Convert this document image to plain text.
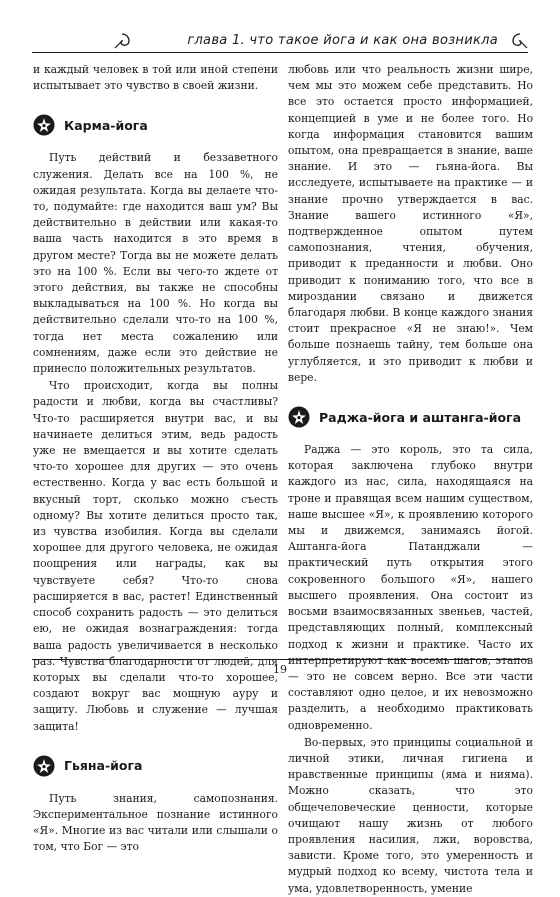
глава 1. что такое йога и как она возникла

и каждый человек в той или иной степени испытывает это чувство в своей жизни.

Карма-йога

Путь действий и беззаветного служения. Делать все на 100 %, не ожидая результата. Когда вы делаете что-то, подумайте: где находится ваш ум? Вы действительно в действии или какая-то ваша часть находится в это время в другом месте? Тогда вы не можете делать это на 100 %. Если вы чего-то ждете от этого действия, вы также не способны выкладываться на 100 %. Но когда вы действительно сделали что-то на 100 %, тогда нет места сожалению или сомнениям, даже если это действие не принесло положительных результатов.

Что происходит, когда вы полны радости и любви, когда вы счастливы? Что-то расширяется внутри вас, и вы начинаете делиться этим, ведь радость уже не вмещается и вы хотите сделать что-то хорошее для других — это очень естественно. Когда у вас есть большой и вкусный торт, сколько можно съесть одному? Вы хотите делиться просто так, из чувства изобилия. Когда вы сделали хорошее для другого человека, не ожидая поощрения или награды, как вы чувствуете себя? Что-то снова расширяется в вас, растет! Единственный способ сохранить радость — это делиться ею, не ожидая вознаграждения: тогда ваша радость увеличивается в несколько раз. Чувства благодарности от людей, для которых вы сделали что-то хорошее, создают вокруг вас мощную ауру и защиту. Любовь и служение — лучшая защита!

Гьяна-йога

Путь знания, самопознания. Экспериментальное познание истинного «Я». Многие из вас читали или слышали о том, что Бог — это

любовь или что реальность жизни шире, чем мы это можем себе представить. Но все это остается просто информацией, концепцией в уме и не более того. Но когда информация становится вашим опытом, она превращается в знание, ваше знание. И это — гьяна-йога. Вы исследуете, испытываете на практике — и знание прочно утверждается в вас. Знание вашего истинного «Я», подтвержденное опытом путем самопознания, чтения, обучения, приводит к преданности и любви. Оно приводит к пониманию того, что все в мироздании связано и движется благодаря любви. В конце каждого знания стоит прекрасное «Я не знаю!». Чем больше познаешь тайну, тем больше она углубляется, и это приводит к любви и вере.

Раджа-йога и аштанга-йога

Раджа — это король, это та сила, которая заключена глубоко внутри каждого из нас, сила, находящаяся на троне и правящая всем нашим существом, наше высшее «Я», к проявлению которого мы и движемся, занимаясь йогой. Аштанга-йога Патанджали — практический путь открытия этого сокровенного большого «Я», нашего высшего проявления. Она состоит из восьми взаимосвязанных звеньев, частей, представляющих полный, комплексный подход к жизни и практике. Часто их интерпретируют как восемь шагов, этапов — это не совсем верно. Все эти части составляют одно целое, и их невозможно разделить, а необходимо практиковать одновременно.

Во-первых, это принципы социальной и личной этики, личная гигиена и нравственные принципы (яма и нияма). Можно сказать, что это общечеловеческие ценности, которые очищают нашу жизнь от любого проявления насилия, лжи, воровства, зависти. Кроме того, это умеренность и мудрый подход ко всему, чистота тела и ума, удовлетворенность, умение

19
